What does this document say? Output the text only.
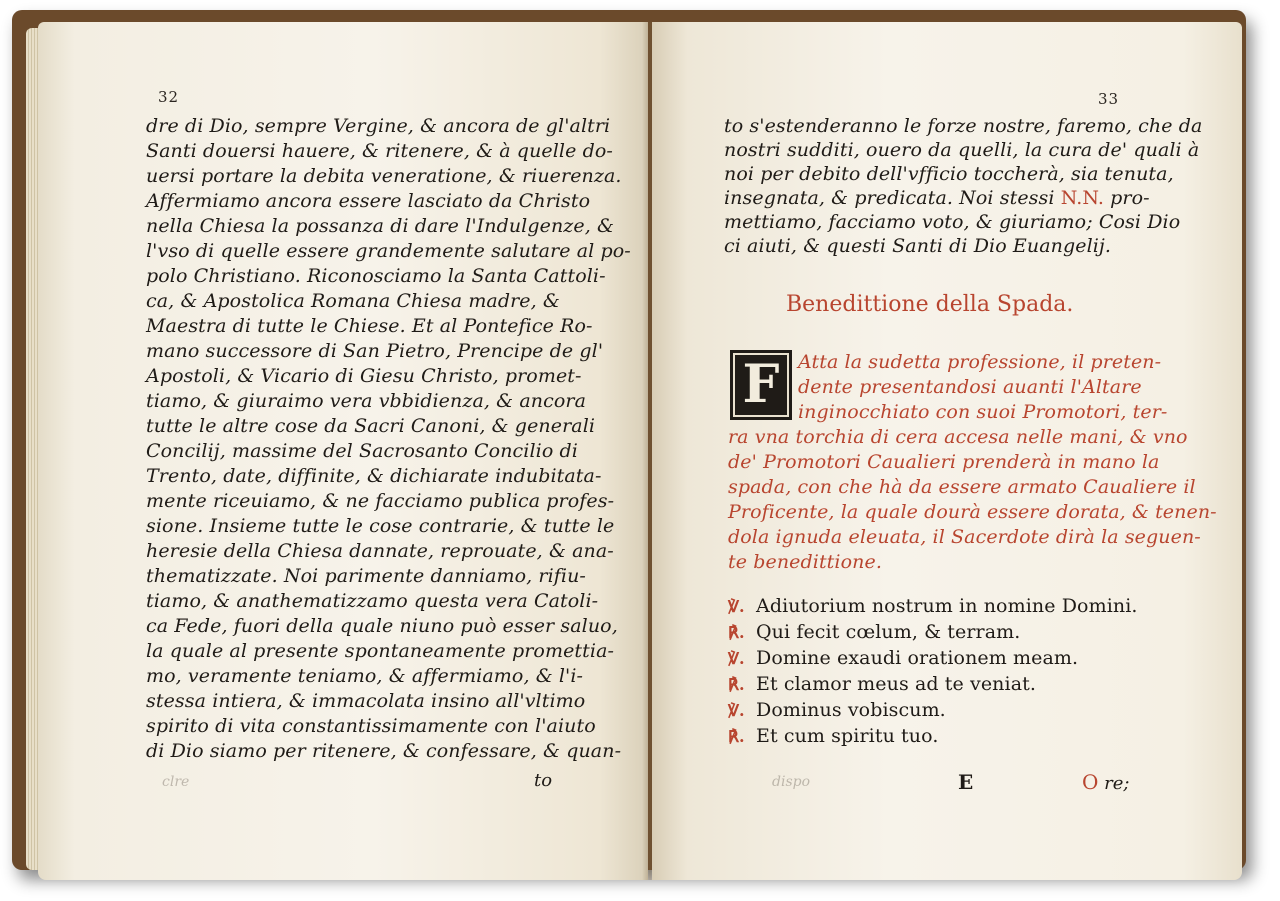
32
dre di Dio, sempre Vergine, & ancora de gl'altri
Santi douersi hauere, & ritenere, & à quelle do-
uersi portare la debita veneratione, & riuerenza.
Affermiamo ancora essere lasciato da Christo
nella Chiesa la possanza di dare l'Indulgenze, &
l'vso di quelle essere grandemente salutare al po-
polo Christiano. Riconosciamo la Santa Cattoli-
ca, & Apostolica Romana Chiesa madre, &
Maestra di tutte le Chiese. Et al Pontefice Ro-
mano successore di San Pietro, Prencipe de gl'
Apostoli, & Vicario di Giesu Christo, promet-
tiamo, & giuraimo vera vbbidienza, & ancora
tutte le altre cose da Sacri Canoni, & generali
Concilij, massime del Sacrosanto Concilio di
Trento, date, diffinite, & dichiarate indubitata-
mente riceuiamo, & ne facciamo publica profes-
sione. Insieme tutte le cose contrarie, & tutte le
heresie della Chiesa dannate, reprouate, & ana-
thematizzate. Noi parimente danniamo, rifiu-
tiamo, & anathematizzamo questa vera Catoli-
ca Fede, fuori della quale niuno può esser saluo,
la quale al presente spontaneamente promettia-
mo, veramente teniamo, & affermiamo, & l'i-
stessa intiera, & immacolata insino all'vltimo
spirito di vita constantissimamente con l'aiuto
di Dio siamo per ritenere, & confessare, & quan-
clre	to
33
to s'estenderanno le forze nostre, faremo, che da
nostri sudditi, ouero da quelli, la cura de' quali à
noi per debito dell'vfficio toccherà, sia tenuta,
insegnata, & predicata. Noi stessi N.N. pro-
mettiamo, facciamo voto, & giuriamo; Cosi Dio
ci aiuti, & questi Santi di Dio Euangelij.
Benedittione della Spada.
F Atta la sudetta professione, il preten-
dente presentandosi auanti l'Altare
inginocchiato con suoi Promotori, ter-
ra vna torchia di cera accesa nelle mani, & vno
de' Promotori Caualieri prenderà in mano la
spada, con che hà da essere armato Caualiere il
Proficente, la quale dourà essere dorata, & tenen-
dola ignuda eleuata, il Sacerdote dirà la seguen-
te benedittione.
℣. Adiutorium nostrum in nomine Domini.
℟. Qui fecit cœlum, & terram.
℣. Domine exaudi orationem meam.
℟. Et clamor meus ad te veniat.
℣. Dominus vobiscum.
℟. Et cum spiritu tuo.
dispo	E	O re;
